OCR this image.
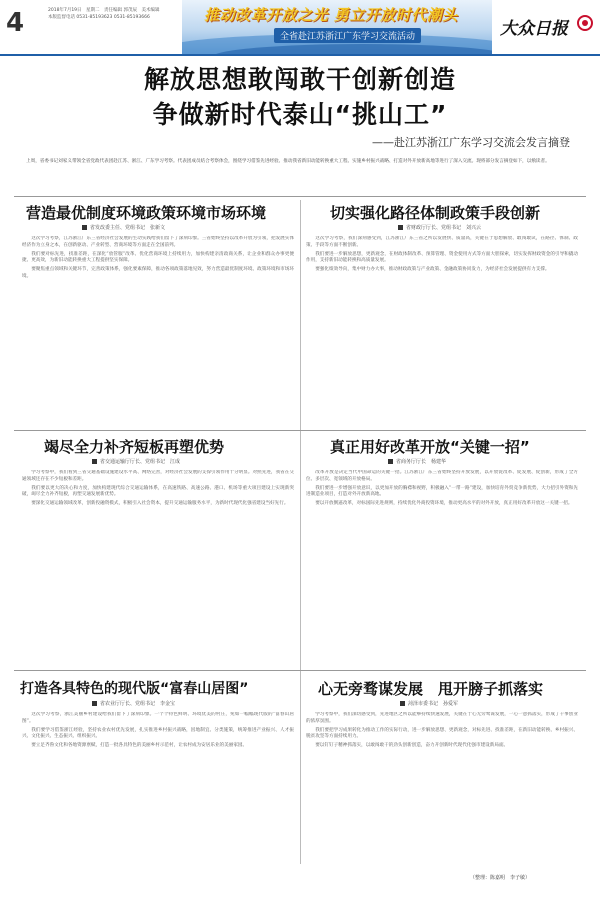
4	2018年7月19日　星期二　责任编辑 郭茂辰　美术编辑
本版监督电话 0531-85193623 0531-85193666	推动改革开放之光 勇立开放时代潮头
全省赴江苏浙江广东学习交流活动	大众日报
解放思想敢闯敢干创新创造
争做新时代泰山“挑山工”
——赴江苏浙江广东学习交流会发言摘登
上周，省委书记刘家义带领全省党政代表团赴江苏、浙江、广东学习考察。代表团成员结合考察体会，围绕学习借鉴先进经验、推动我省新旧动能转换重大工程、实施乡村振兴战略、打造对外开放新高地等进行了深入交流。现将部分发言摘登如下，以飨读者。
营造最优制度环境政策环境市场环境
省发改委主任、党组书记　张新文

这次学习考察，江苏浙江广东三省经济社会发展的生动实践给我们留下了深刻印象。三省始终坚持以改革开放为引领，把发展实体经济作为立身之本，在创新驱动、产业转型、营商环境等方面走在全国前列。

我们要对标先进，找准差距，在深化“放管服”改革、优化营商环境上持续用力，加快构建亲清政商关系，让企业和群众办事更便捷、更高效，为新旧动能转换重大工程提供坚实保障。

要聚焦重点领域和关键环节，完善政策体系，强化要素保障，推动各项政策落地见效，努力营造最优制度环境、政策环境和市场环境。

切实强化路径体制政策手段创新
省财政厅厅长、党组书记　刘兴云

这次学习考察，我们深刻感受到，江苏浙江广东三省之所以发展快、质量高，关键在于思想解放、敢闯敢试，在路径、体制、政策、手段等方面不断创新。

我们要进一步解放思想，更新观念，在财政体制改革、预算管理、资金使用方式等方面大胆探索，切实发挥财政资金的引导和撬动作用，支持新旧动能转换和高质量发展。

要强化绩效导向，集中财力办大事，推动财政政策与产业政策、金融政策协同发力，为经济社会发展提供有力支撑。

竭尽全力补齐短板再塑优势
省交通运输厅厅长、党组书记　江成

学习考察中，我们看到三省交通基础设施建设水平高、网络完善，对经济社会发展的支撑引领作用十分明显。对照先进，我省在交通领域还存在不少短板和差距。

我们要以更大的决心和力度，加快构建现代综合交通运输体系，在高速铁路、高速公路、港口、机场等重大项目建设上实现新突破，竭尽全力补齐短板，再塑交通发展新优势。

要深化交通运输领域改革，创新投融资模式，积极引入社会资本，提升交通运输服务水平，为新时代现代化强省建设当好先行。

真正用好改革开放“关键一招”
省商务厅厅长　杨建华

改革开放是决定当代中国命运的关键一招。江苏浙江广东三省始终坚持开放发展，以开放促改革、促发展、促创新，形成了全方位、多层次、宽领域的开放格局。

我们要进一步增强开放意识，以更加开放的胸襟和视野，积极融入“一带一路”建设，加快培育外贸竞争新优势，大力招引外资和先进制造业项目，打造对外开放新高地。

要以开放倒逼改革，对标国际先进规则，持续优化外商投资环境，推动更高水平的对外开放，真正用好改革开放这一关键一招。

打造各具特色的现代版“富春山居图”
省农业厅厅长、党组书记　李金宝

这次学习考察，浙江美丽乡村建设给我们留下了深刻印象。一个个特色鲜明、环境优美的村庄，宛如一幅幅现代版的“富春山居图”。

我们要学习借鉴浙江经验，坚持农业农村优先发展，扎实推进乡村振兴战略，因地制宜、分类施策，统筹推进产业振兴、人才振兴、文化振兴、生态振兴、组织振兴。

要立足齐鲁文化和各地资源禀赋，打造一批各具特色的美丽乡村示范村，让农村成为安居乐业的美丽家园。

心无旁骛谋发展　甩开膀子抓落实
菏泽市委书记　孙爱军

学习考察中，我们深切感受到，先进地区之所以能够持续快速发展，关键在于心无旁骛谋发展，一心一意抓落实，形成了干事创业的浓厚氛围。

我们要把学习成果转化为推动工作的实际行动，进一步解放思想、更新观念，对标先进、找准差距，在新旧动能转换、乡村振兴、脱贫攻坚等方面持续用力。

要以钉钉子精神抓落实，以敢闯敢干的劲头创新创造，奋力开创新时代现代化强市建设新局面。

（整理：陈嘉明　李子敏）
